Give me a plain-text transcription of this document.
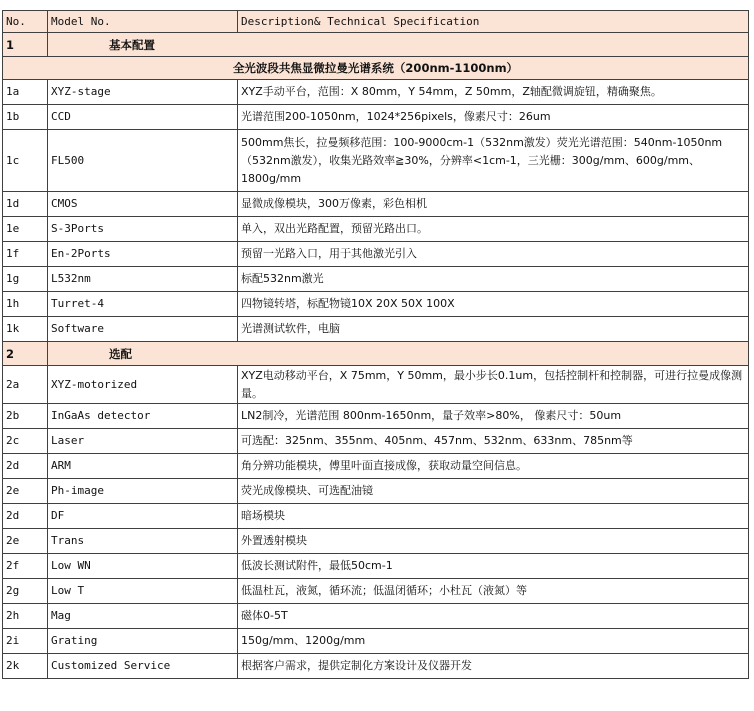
No.	Model No.	Description& Technical Specification
1	基本配置	
全光波段共焦显微拉曼光谱系统（200nm-1100nm）		
1a	XYZ-stage	XYZ手动平台，范围：X 80mm，Y 54mm，Z 50mm，Z轴配微调旋钮，精确聚焦。
1b	CCD	光谱范围200-1050nm，1024*256pixels，像素尺寸：26um
1c	FL500	500mm焦长，拉曼频移范围：100-9000cm-1（532nm激发）荧光光谱范围：540nm-1050nm （532nm激发），收集光路效率≧30%，分辨率<1cm-1，三光栅：300g/mm、600g/mm、1800g/mm
1d	CMOS	显微成像模块，300万像素，彩色相机
1e	S-3Ports	单入，双出光路配置，预留光路出口。
1f	En-2Ports	预留一光路入口，用于其他激光引入
1g	L532nm	标配532nm激光
1h	Turret-4	四物镜转塔，标配物镜10X 20X 50X 100X
1k	Software	光谱测试软件，电脑
2	选配	
2a	XYZ-motorized	XYZ电动移动平台，X 75mm，Y 50mm，最小步长0.1um，包括控制杆和控制器，可进行拉曼成像测量。
2b	InGaAs detector	LN2制冷，光谱范围 800nm-1650nm，量子效率>80%， 像素尺寸：50um
2c	Laser	可选配：325nm、355nm、405nm、457nm、532nm、633nm、785nm等
2d	ARM	角分辨功能模块，傅里叶面直接成像，获取动量空间信息。
2e	Ph-image	荧光成像模块、可选配油镜
2d	DF	暗场模块
2e	Trans	外置透射模块
2f	Low WN	低波长测试附件，最低50cm-1
2g	Low T	低温杜瓦，液氮，循环流；低温闭循环；小杜瓦（液氮）等
2h	Mag	磁体0-5T
2i	Grating	150g/mm、1200g/mm
2k	Customized Service	根据客户需求，提供定制化方案设计及仪器开发
